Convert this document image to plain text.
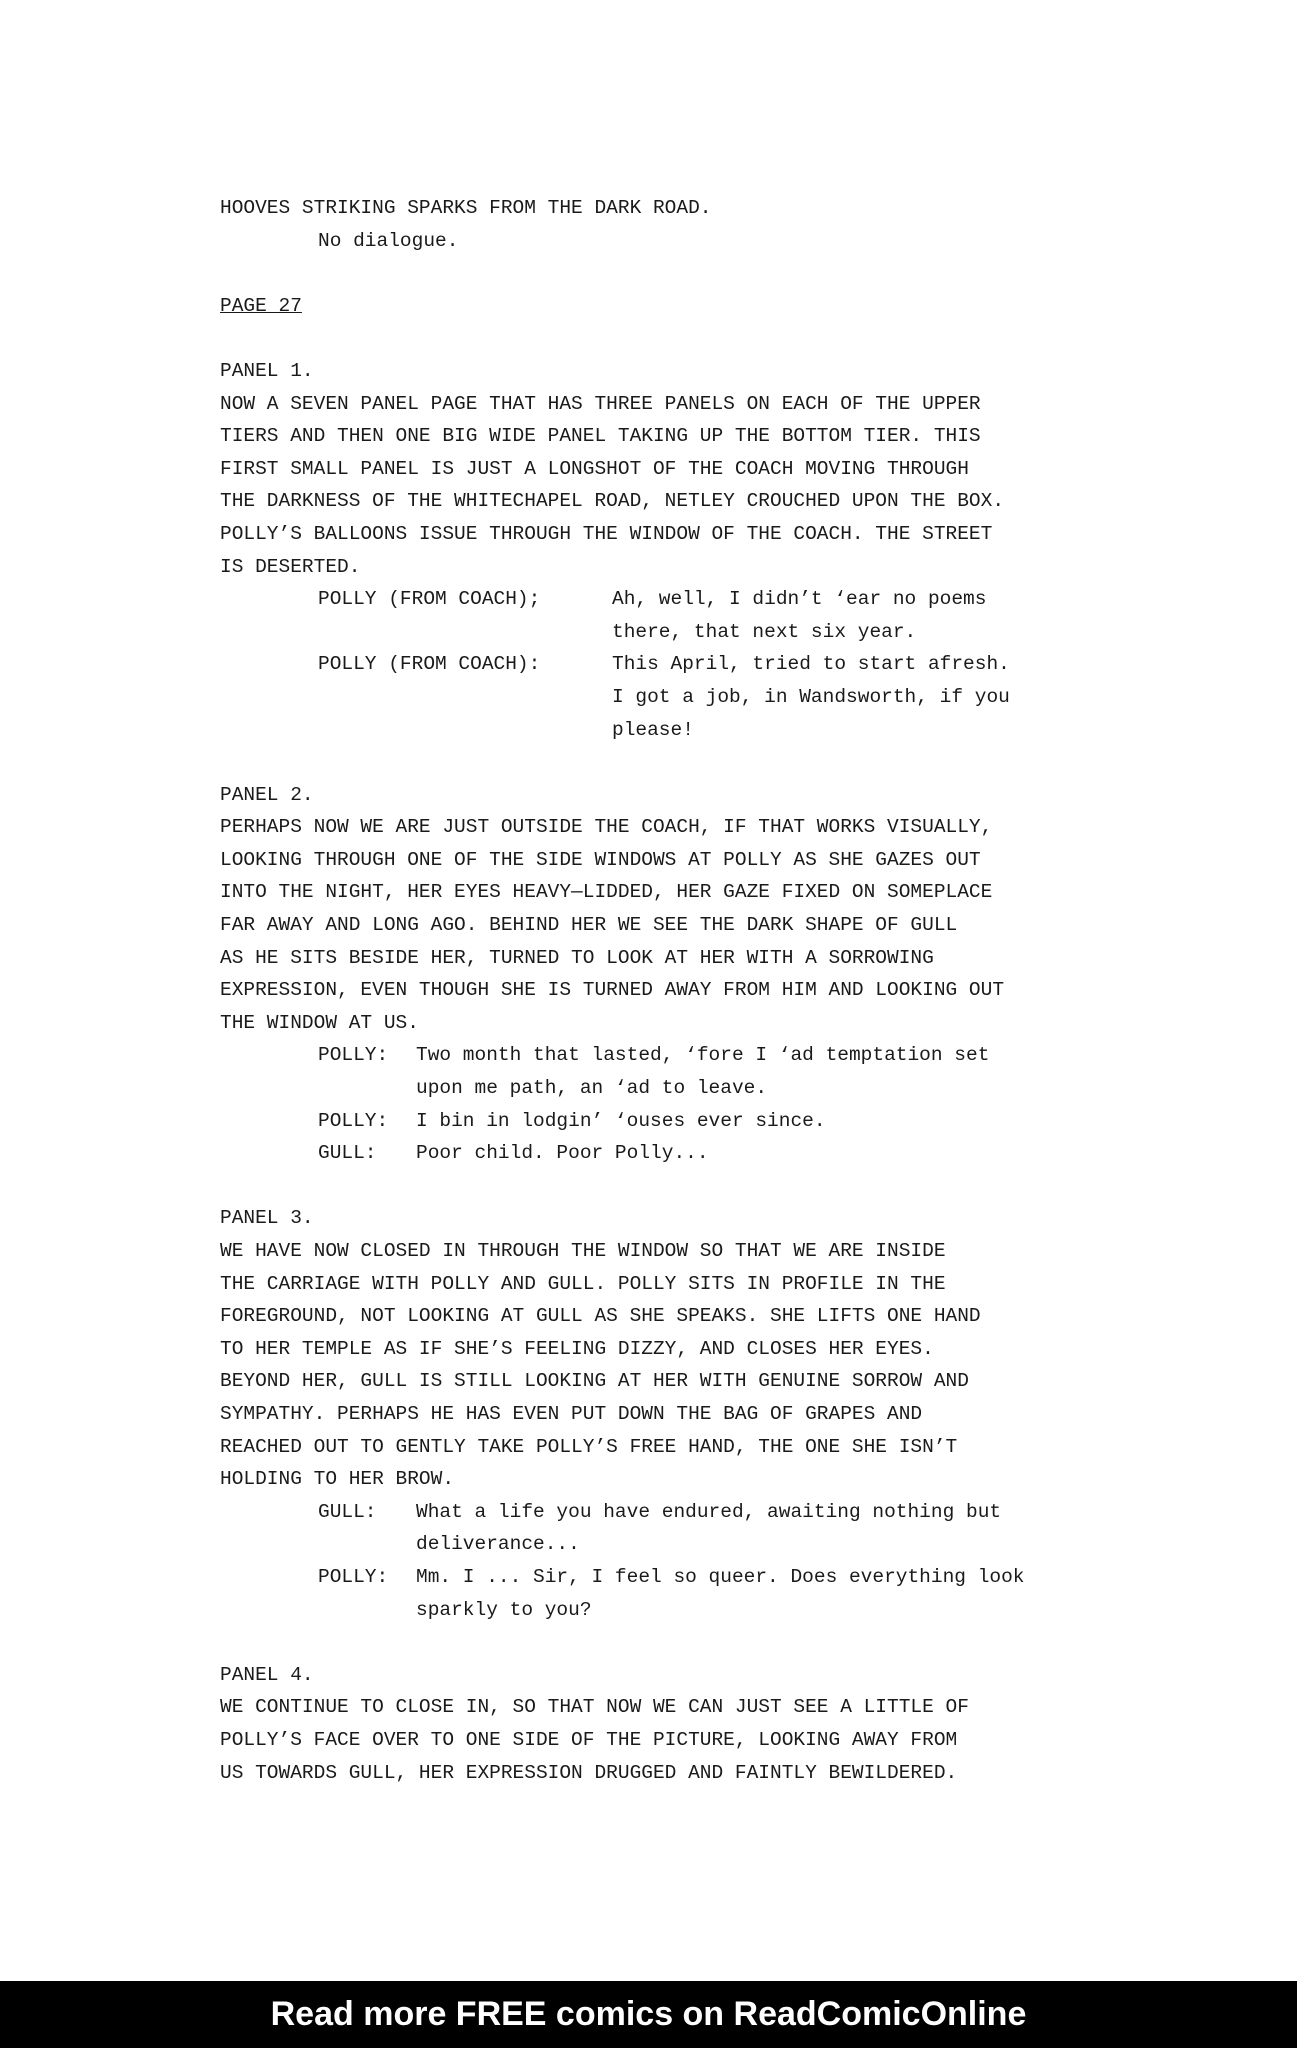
HOOVES STRIKING SPARKS FROM THE DARK ROAD.
No dialogue.
PAGE 27
PANEL 1.
NOW A SEVEN PANEL PAGE THAT HAS THREE PANELS ON EACH OF THE UPPER
TIERS AND THEN ONE BIG WIDE PANEL TAKING UP THE BOTTOM TIER. THIS
FIRST SMALL PANEL IS JUST A LONGSHOT OF THE COACH MOVING THROUGH
THE DARKNESS OF THE WHITECHAPEL ROAD, NETLEY CROUCHED UPON THE BOX.
POLLY’S BALLOONS ISSUE THROUGH THE WINDOW OF THE COACH. THE STREET
IS DESERTED.
POLLY (FROM COACH);	Ah, well, I didn’t ‘ear no poems
there, that next six year.
POLLY (FROM COACH):	This April, tried to start afresh.
I got a job, in Wandsworth, if you
please!
PANEL 2.
PERHAPS NOW WE ARE JUST OUTSIDE THE COACH, IF THAT WORKS VISUALLY,
LOOKING THROUGH ONE OF THE SIDE WINDOWS AT POLLY AS SHE GAZES OUT
INTO THE NIGHT, HER EYES HEAVY—LIDDED, HER GAZE FIXED ON SOMEPLACE
FAR AWAY AND LONG AGO. BEHIND HER WE SEE THE DARK SHAPE OF GULL
AS HE SITS BESIDE HER, TURNED TO LOOK AT HER WITH A SORROWING
EXPRESSION, EVEN THOUGH SHE IS TURNED AWAY FROM HIM AND LOOKING OUT
THE WINDOW AT US.
POLLY:	Two month that lasted, ‘fore I ‘ad temptation set
upon me path, an ‘ad to leave.
POLLY:	I bin in lodgin’ ‘ouses ever since.
GULL:	Poor child. Poor Polly...
PANEL 3.
WE HAVE NOW CLOSED IN THROUGH THE WINDOW SO THAT WE ARE INSIDE
THE CARRIAGE WITH POLLY AND GULL. POLLY SITS IN PROFILE IN THE
FOREGROUND, NOT LOOKING AT GULL AS SHE SPEAKS. SHE LIFTS ONE HAND
TO HER TEMPLE AS IF SHE’S FEELING DIZZY, AND CLOSES HER EYES.
BEYOND HER, GULL IS STILL LOOKING AT HER WITH GENUINE SORROW AND
SYMPATHY. PERHAPS HE HAS EVEN PUT DOWN THE BAG OF GRAPES AND
REACHED OUT TO GENTLY TAKE POLLY’S FREE HAND, THE ONE SHE ISN’T
HOLDING TO HER BROW.
GULL:	What a life you have endured, awaiting nothing but
deliverance...
POLLY:	Mm. I ... Sir, I feel so queer. Does everything look
sparkly to you?
PANEL 4.
WE CONTINUE TO CLOSE IN, SO THAT NOW WE CAN JUST SEE A LITTLE OF
POLLY’S FACE OVER TO ONE SIDE OF THE PICTURE, LOOKING AWAY FROM
US TOWARDS GULL, HER EXPRESSION DRUGGED AND FAINTLY BEWILDERED.
Read more FREE comics on ReadComicOnline
